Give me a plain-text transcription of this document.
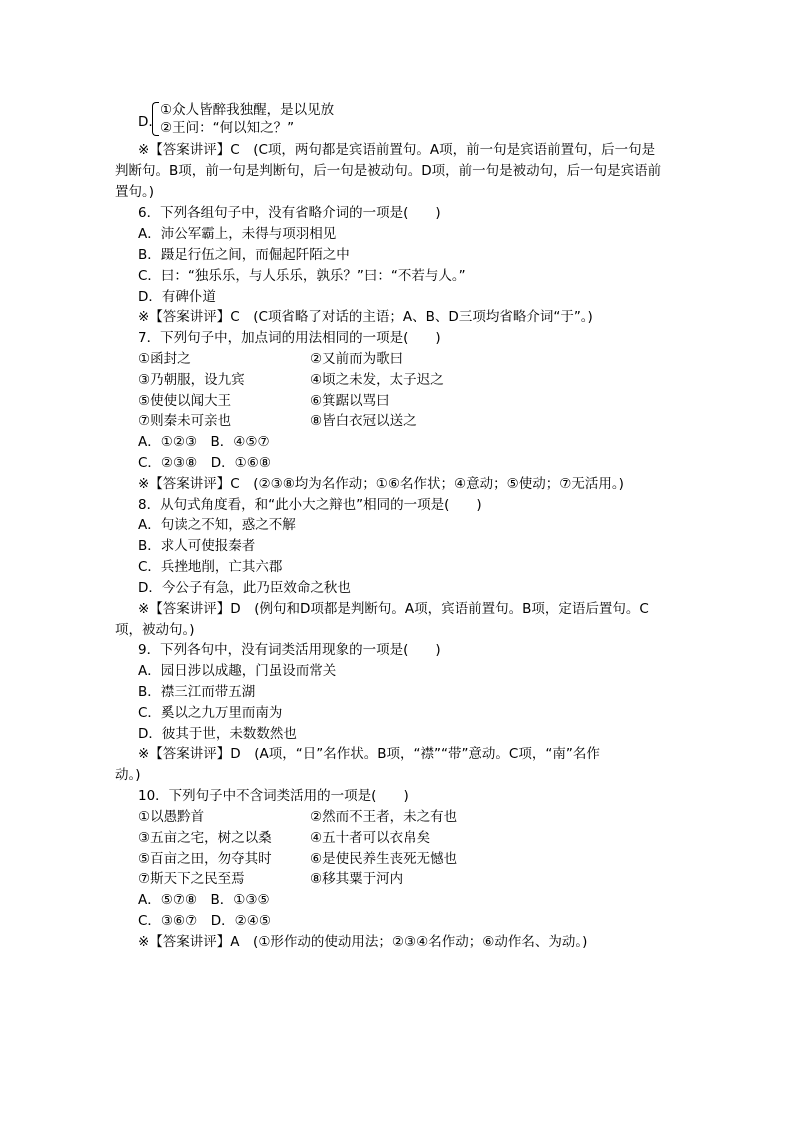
D.
①众人皆醉我独醒，是以见放
②王问：“何以知之？”
※【答案讲评】C　(C项，两句都是宾语前置句。A项，前一句是宾语前置句，后一句是
判断句。B项，前一句是判断句，后一句是被动句。D项，前一句是被动句，后一句是宾语前
置句。)
6．下列各组句子中，没有省略介词的一项是(　　)
A．沛公军霸上，未得与项羽相见
B．蹑足行伍之间，而倔起阡陌之中
C．曰：“独乐乐，与人乐乐，孰乐？”曰：“不若与人。”
D．有碑仆道
※【答案讲评】C　(C项省略了对话的主语；A、B、D三项均省略介词“于”。)
7．下列句子中，加点词的用法相同的一项是(　　)
①函封之	②又前而为歌曰
③乃朝服，设九宾	④顷之未发，太子迟之
⑤使使以闻大王	⑥箕踞以骂曰
⑦则秦未可亲也	⑧皆白衣冠以送之
A．①②③　B．④⑤⑦
C．②③⑧　D．①⑥⑧
※【答案讲评】C　(②③⑧均为名作动；①⑥名作状；④意动；⑤使动；⑦无活用。)
8．从句式角度看，和“此小大之辩也”相同的一项是(　　)
A．句读之不知，惑之不解
B．求人可使报秦者
C．兵挫地削，亡其六郡
D．今公子有急，此乃臣效命之秋也
※【答案讲评】D　(例句和D项都是判断句。A项，宾语前置句。B项，定语后置句。C
项，被动句。)
9．下列各句中，没有词类活用现象的一项是(　　)
A．园日涉以成趣，门虽设而常关
B．襟三江而带五湖
C．奚以之九万里而南为
D．彼其于世，未数数然也
※【答案讲评】D　(A项，“日”名作状。B项，“襟”“带”意动。C项，“南”名作
动。)
10．下列句子中不含词类活用的一项是(　　)
①以愚黔首	②然而不王者，未之有也
③五亩之宅，树之以桑	④五十者可以衣帛矣
⑤百亩之田，勿夺其时	⑥是使民养生丧死无憾也
⑦斯天下之民至焉	⑧移其粟于河内
A．⑤⑦⑧　B．①③⑤
C．③⑥⑦　D．②④⑤
※【答案讲评】A　(①形作动的使动用法；②③④名作动；⑥动作名、为动。)
